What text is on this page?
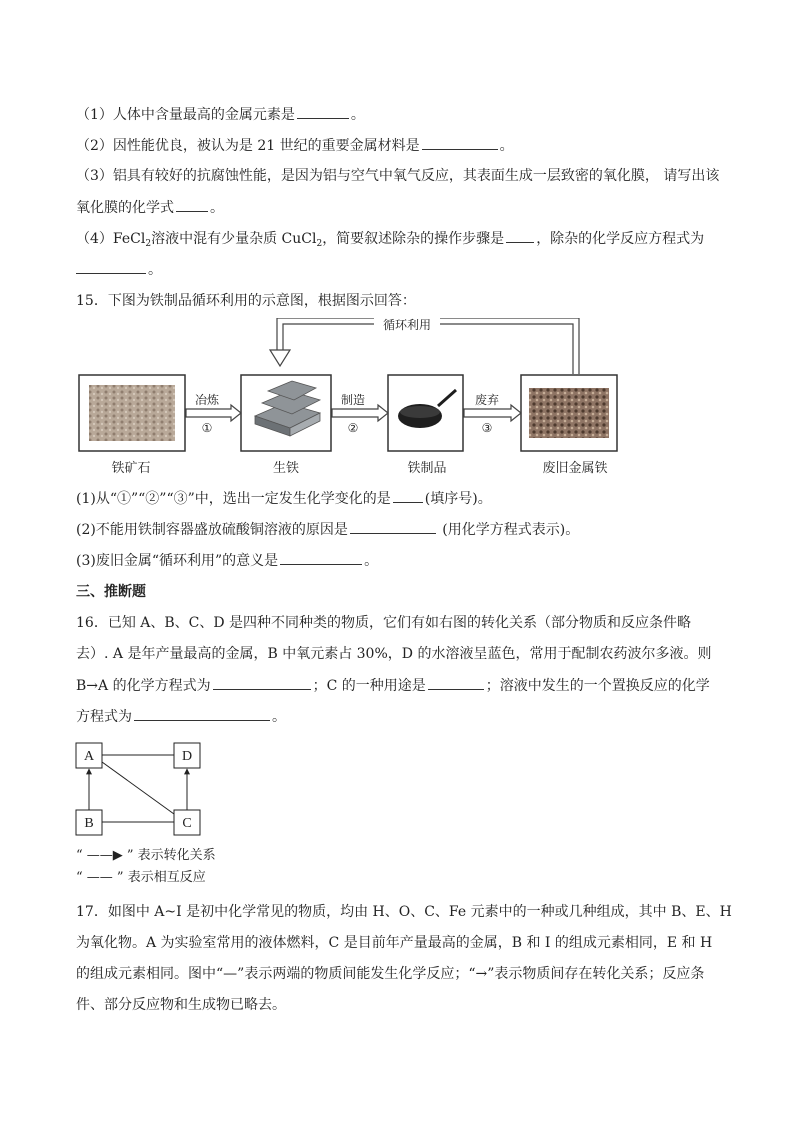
（1）人体中含量最高的金属元素是	。
（2）因性能优良，被认为是 21 世纪的重要金属材料是	。
（3）铝具有较好的抗腐蚀性能，是因为铝与空气中氧气反应，其表面生成一层致密的氧化膜， 请写出该
氧化膜的化学式	。
（4）FeCl$_2$溶液中混有少量杂质 CuCl$_2$，简要叙述除杂的操作步骤是 ，除杂的化学反应方程式为
。
15．下图为铁制品循环利用的示意图，根据图示回答：
循环利用
冶炼
①
制造
②
废弃
③
铁矿石	生铁	铁制品	废旧金属铁
(1)从“①”“②”“③”中，选出一定发生化学变化的是 (填序号)。
(2)不能用铁制容器盛放硫酸铜溶液的原因是	(用化学方程式表示)。
(3)废旧金属“循环利用”的意义是	。
三、推断题
16．已知 A、B、C、D 是四种不同种类的物质，它们有如右图的转化关系（部分物质和反应条件略
去）. A 是年产量最高的金属，B 中氧元素占 30%，D 的水溶液呈蓝色，常用于配制农药波尔多液。则
B→A 的化学方程式为	；C 的一种用途是	；溶液中发生的一个置换反应的化学
方程式为	。
A	D
B	C
“ ——▶ ” 表示转化关系
“ —— ” 表示相互反应
17．如图中 A~I 是初中化学常见的物质，均由 H、O、C、Fe 元素中的一种或几种组成，其中 B、E、H
为氧化物。A 为实验室常用的液体燃料，C 是目前年产量最高的金属，B 和 I 的组成元素相同，E 和 H
的组成元素相同。图中“—”表示两端的物质间能发生化学反应；“→”表示物质间存在转化关系；反应条
件、部分反应物和生成物已略去。
